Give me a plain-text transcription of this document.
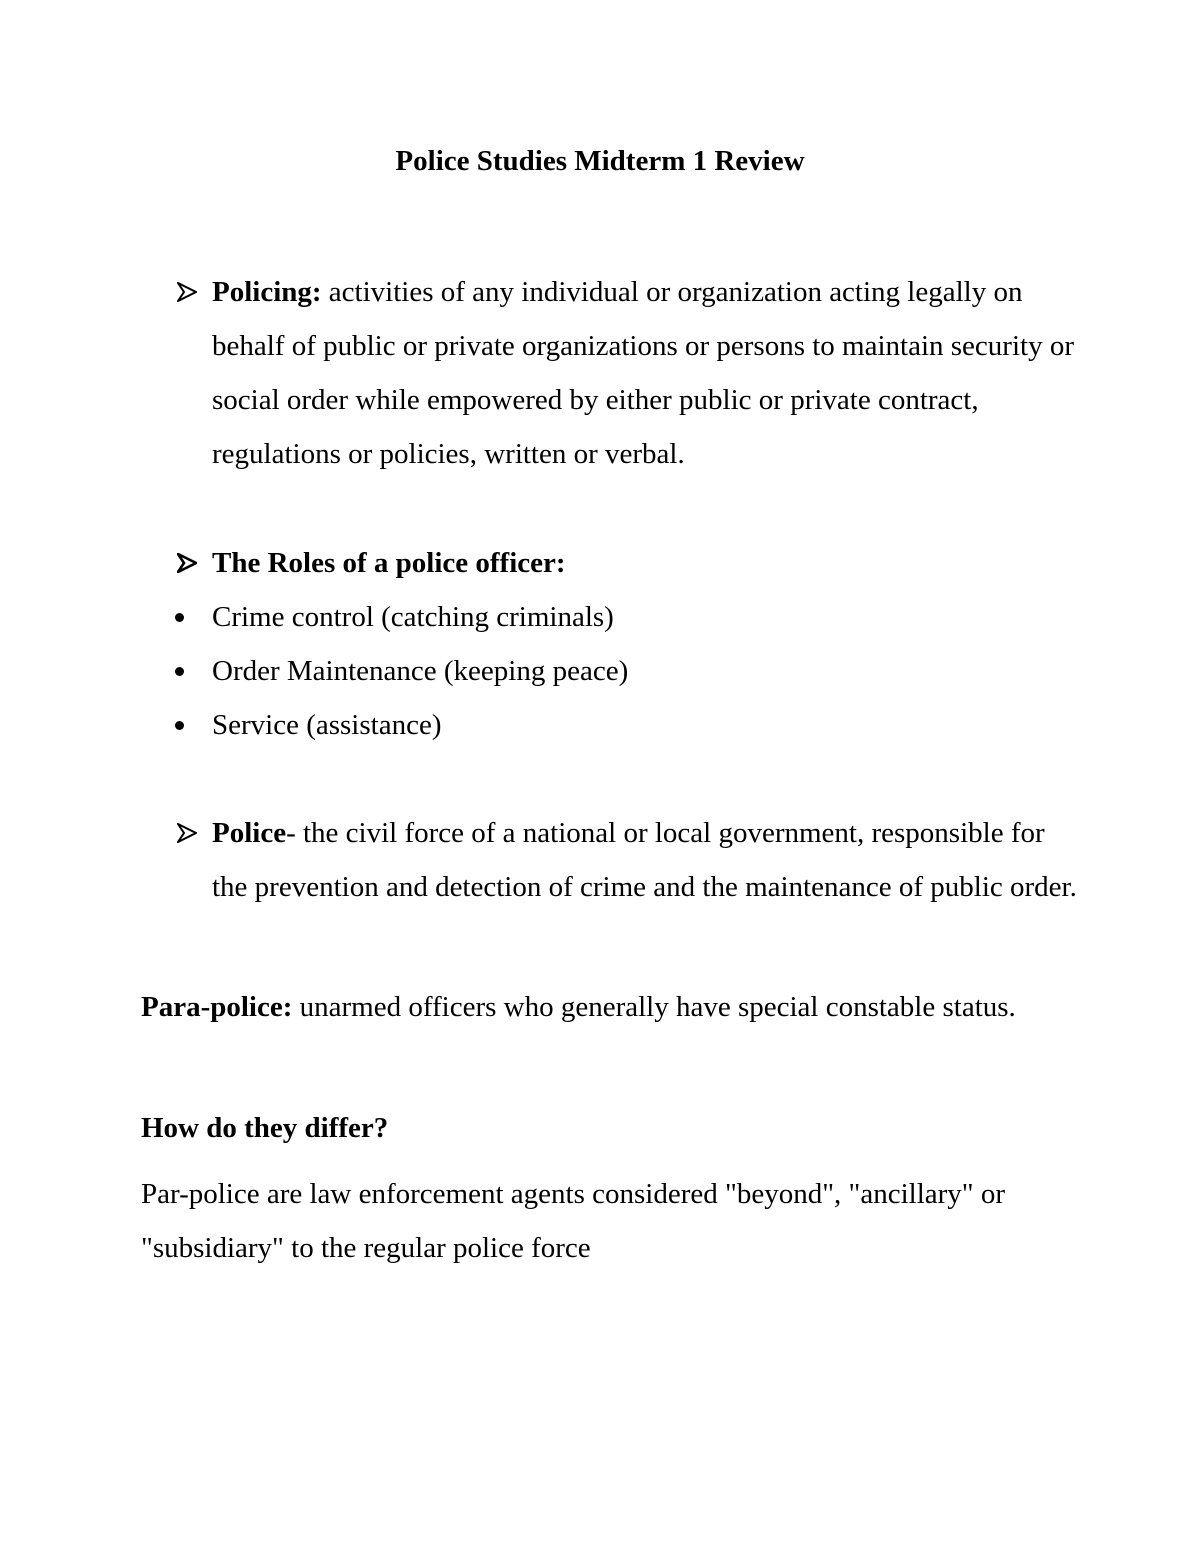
Police Studies Midterm 1 Review
Policing: activities of any individual or organization acting legally on behalf of public or private organizations or persons to maintain security or social order while empowered by either public or private contract, regulations or policies, written or verbal.
The Roles of a police officer:
Crime control (catching criminals)
Order Maintenance (keeping peace)
Service (assistance)
Police- the civil force of a national or local government, responsible for the prevention and detection of crime and the maintenance of public order.

Para-police: unarmed officers who generally have special constable status.

How do they differ?

Par-police are law enforcement agents considered "beyond", "ancillary" or "subsidiary" to the regular police force
